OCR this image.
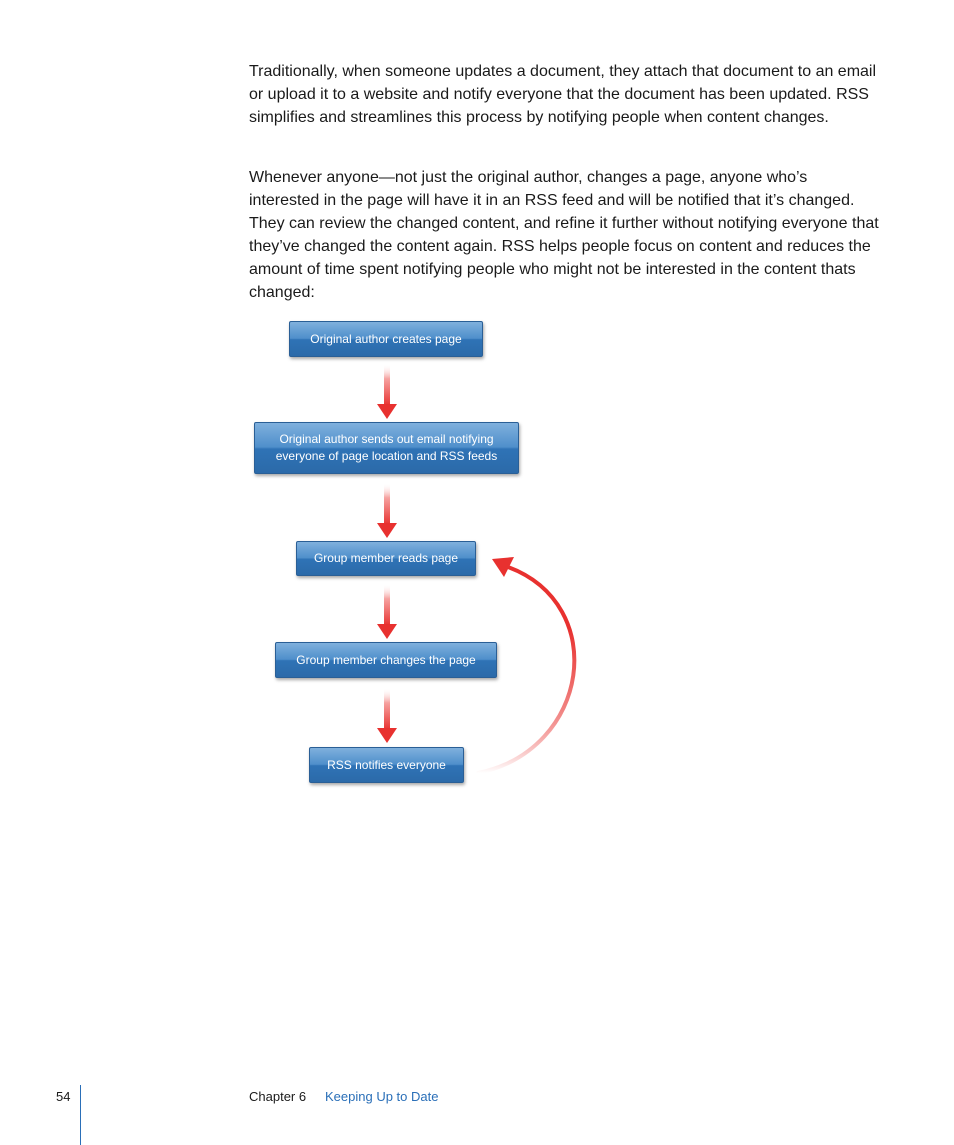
Traditionally, when someone updates a document, they attach that document to an email or upload it to a website and notify everyone that the document has been updated. RSS simplifies and streamlines this process by notifying people when content changes.

Whenever anyone—not just the original author, changes a page, anyone who’s interested in the page will have it in an RSS feed and will be notified that it’s changed. They can review the changed content, and refine it further without notifying everyone that they’ve changed the content again. RSS helps people focus on content and reduces the amount of time spent notifying people who might not be interested in the content thats changed:

Original author creates page
Original author sends out email notifying everyone of page location and RSS feeds
Group member reads page
Group member changes the page
RSS notifies everyone
54	Chapter 6 Keeping Up to Date
